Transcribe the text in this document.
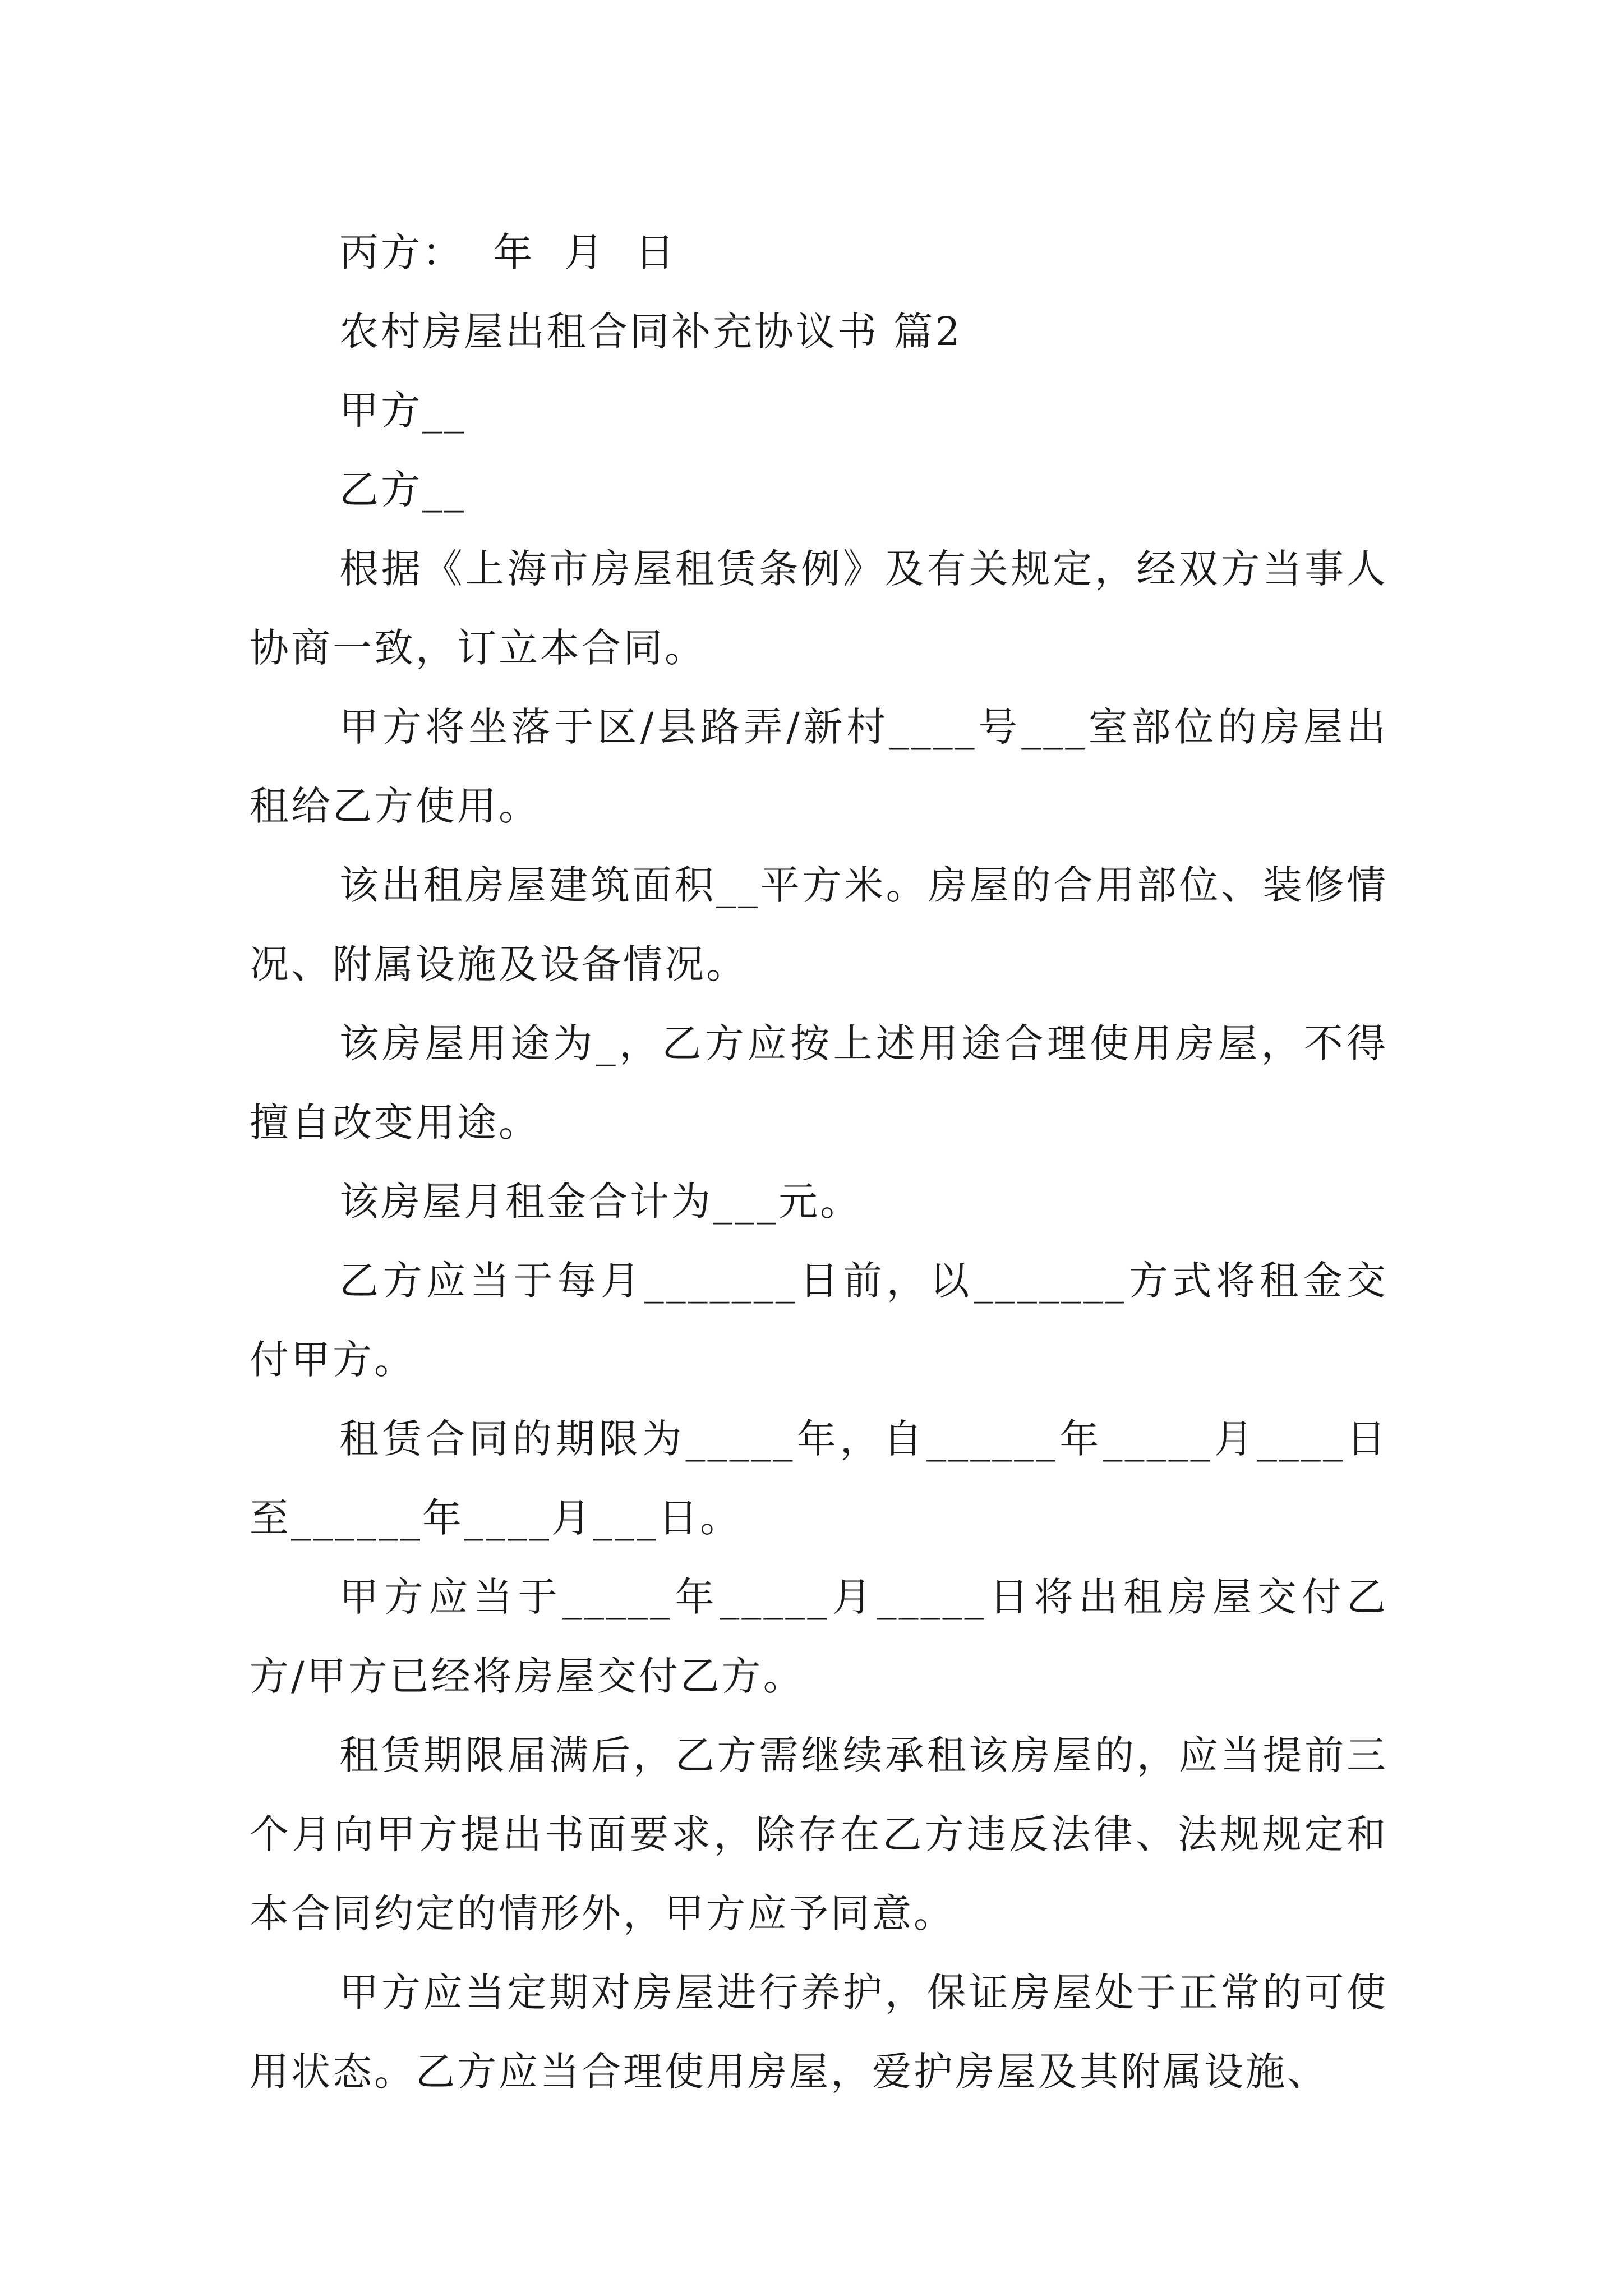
丙方：  年  月  日

农村房屋出租合同补充协议书 篇2

甲方__

乙方__

根据《上海市房屋租赁条例》及有关规定，经双方当事人协商一致，订立本合同。

甲方将坐落于区/县路弄/新村____号___室部位的房屋出租给乙方使用。

该出租房屋建筑面积__平方米。房屋的合用部位、装修情况、附属设施及设备情况。

该房屋用途为_，乙方应按上述用途合理使用房屋，不得擅自改变用途。

该房屋月租金合计为___元。

乙方应当于每月_______日前，以_______方式将租金交付甲方。

租赁合同的期限为_____年，自______年_____月____日至______年____月___日。

甲方应当于_____年_____月_____日将出租房屋交付乙方/甲方已经将房屋交付乙方。

租赁期限届满后，乙方需继续承租该房屋的，应当提前三个月向甲方提出书面要求，除存在乙方违反法律、法规规定和本合同约定的情形外，甲方应予同意。

甲方应当定期对房屋进行养护，保证房屋处于正常的可使用状态。乙方应当合理使用房屋，爱护房屋及其附属设施、
